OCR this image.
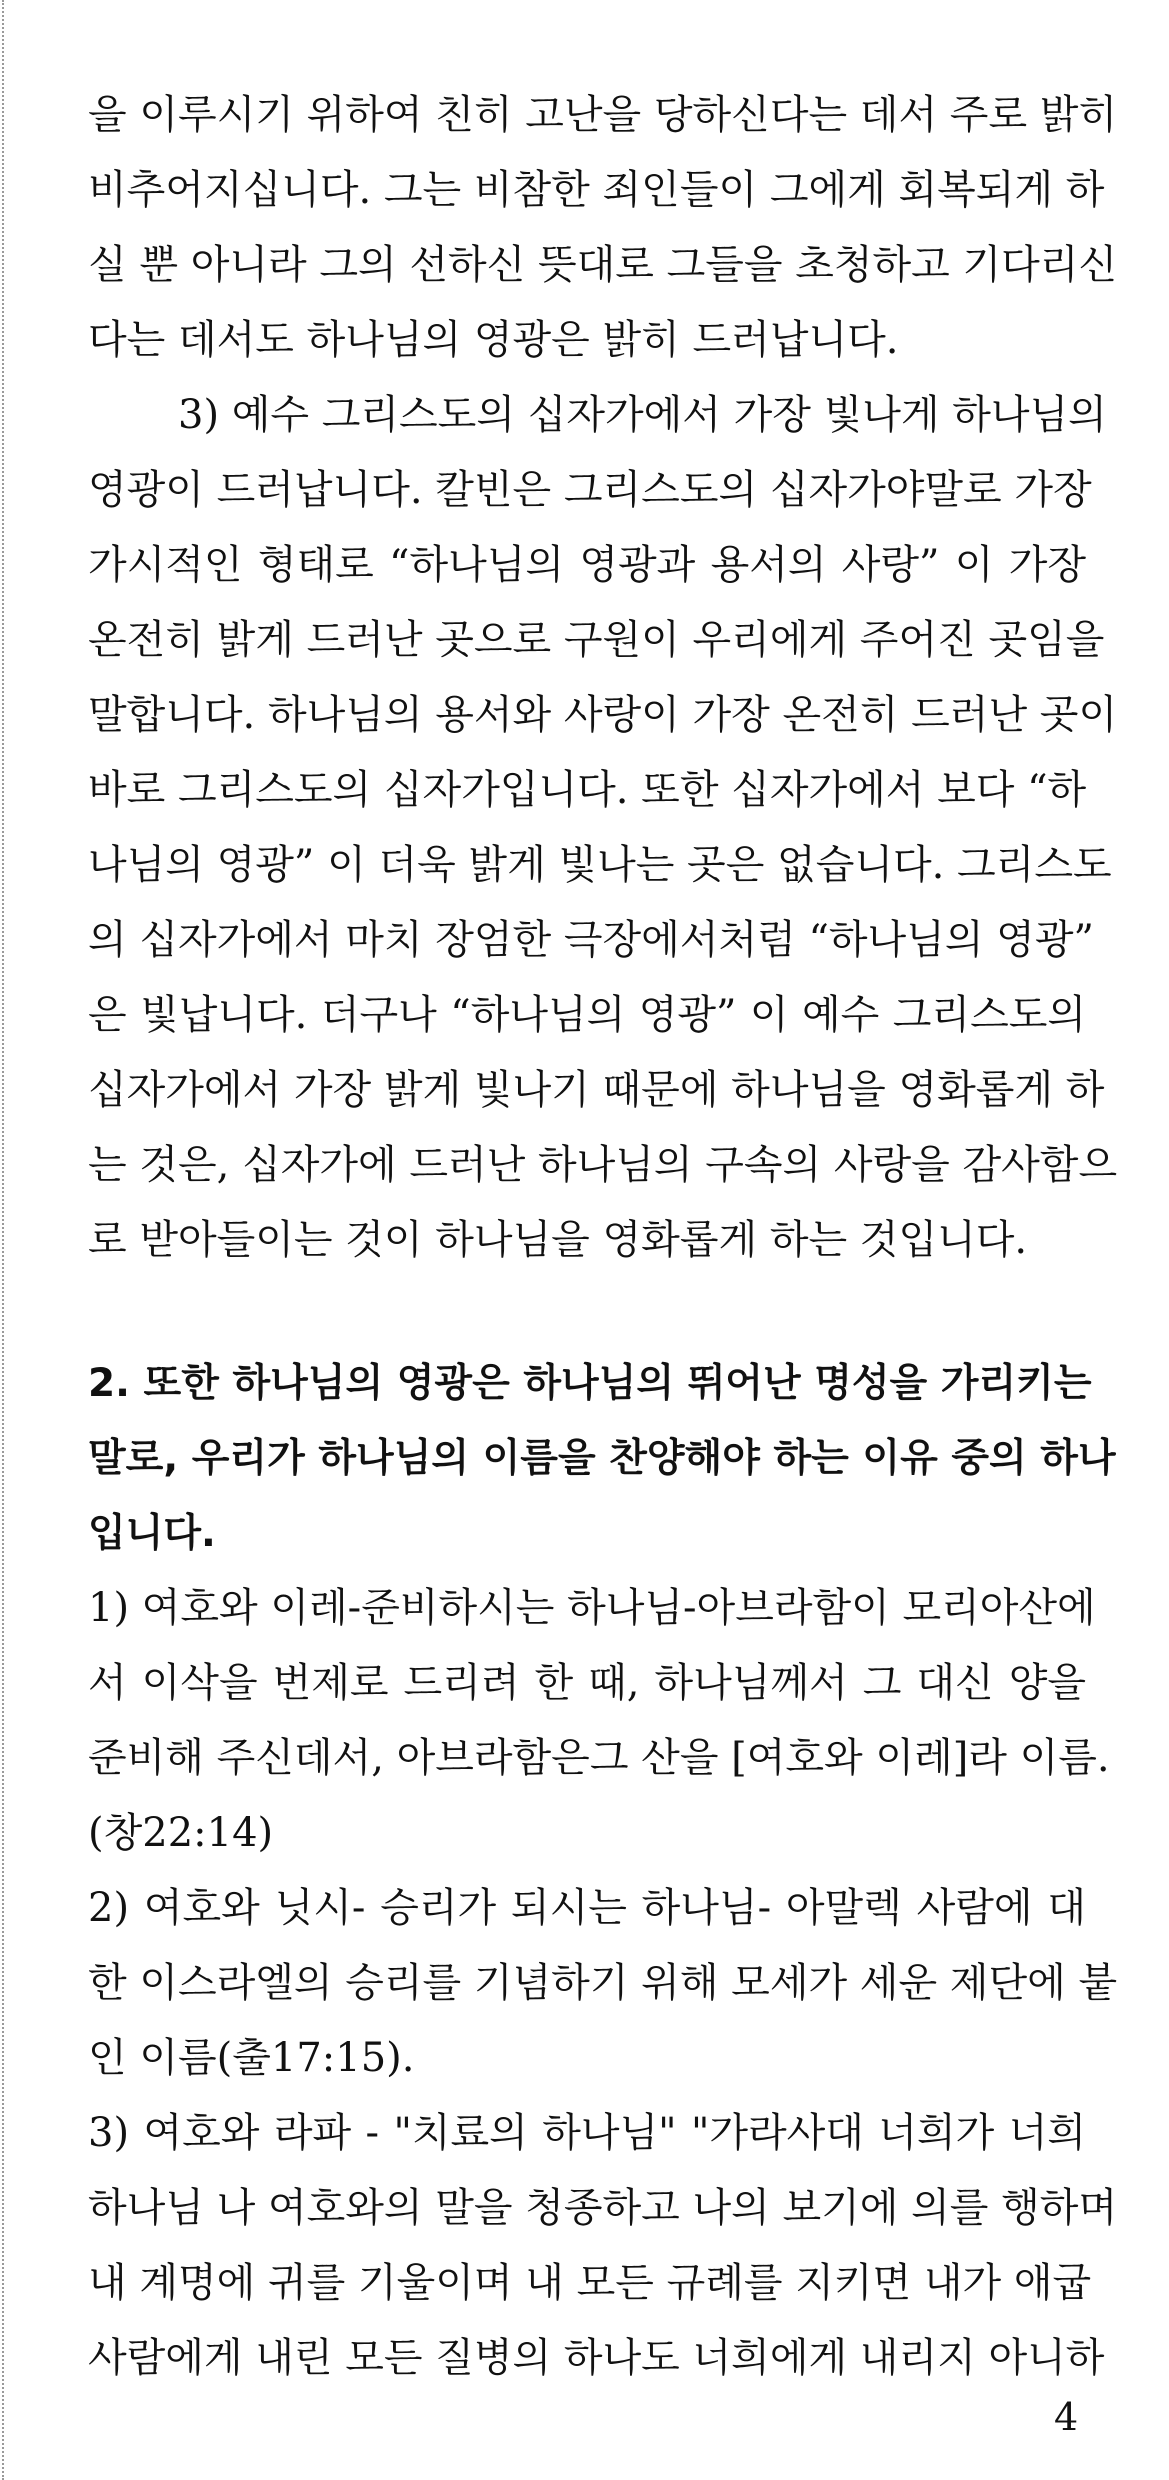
을 이루시기 위하여 친히 고난을 당하신다는 데서 주로 밝히
비추어지십니다. 그는 비참한 죄인들이 그에게 회복되게 하
실 뿐 아니라 그의 선하신 뜻대로 그들을 초청하고 기다리신
다는 데서도 하나님의 영광은 밝히 드러납니다.
3) 예수 그리스도의 십자가에서 가장 빛나게 하나님의
영광이 드러납니다. 칼빈은 그리스도의 십자가야말로 가장
가시적인 형태로 “하나님의 영광과 용서의 사랑” 이 가장
온전히 밝게 드러난 곳으로 구원이 우리에게 주어진 곳임을
말합니다. 하나님의 용서와 사랑이 가장 온전히 드러난 곳이
바로 그리스도의 십자가입니다. 또한 십자가에서 보다 “하
나님의 영광” 이 더욱 밝게 빛나는 곳은 없습니다. 그리스도
의 십자가에서 마치 장엄한 극장에서처럼 “하나님의 영광”
은 빛납니다. 더구나 “하나님의 영광” 이 예수 그리스도의
십자가에서 가장 밝게 빛나기 때문에 하나님을 영화롭게 하
는 것은, 십자가에 드러난 하나님의 구속의 사랑을 감사함으
로 받아들이는 것이 하나님을 영화롭게 하는 것입니다.
2. 또한 하나님의 영광은 하나님의 뛰어난 명성을 가리키는
말로, 우리가 하나님의 이름을 찬양해야 하는 이유 중의 하나
입니다.
1) 여호와 이레-준비하시는 하나님-아브라함이 모리아산에
서 이삭을 번제로 드리려 한 때, 하나님께서 그 대신 양을
준비해 주신데서, 아브라함은그 산을 [여호와 이레]라 이름.
(창22:14)
2) 여호와 닛시- 승리가 되시는 하나님- 아말렉 사람에 대
한 이스라엘의 승리를 기념하기 위해 모세가 세운 제단에 붙
인 이름(출17:15).
3) 여호와 라파 - "치료의 하나님" "가라사대 너희가 너희
하나님 나 여호와의 말을 청종하고 나의 보기에 의를 행하며
내 계명에 귀를 기울이며 내 모든 규례를 지키면 내가 애굽
사람에게 내린 모든 질병의 하나도 너희에게 내리지 아니하
4
